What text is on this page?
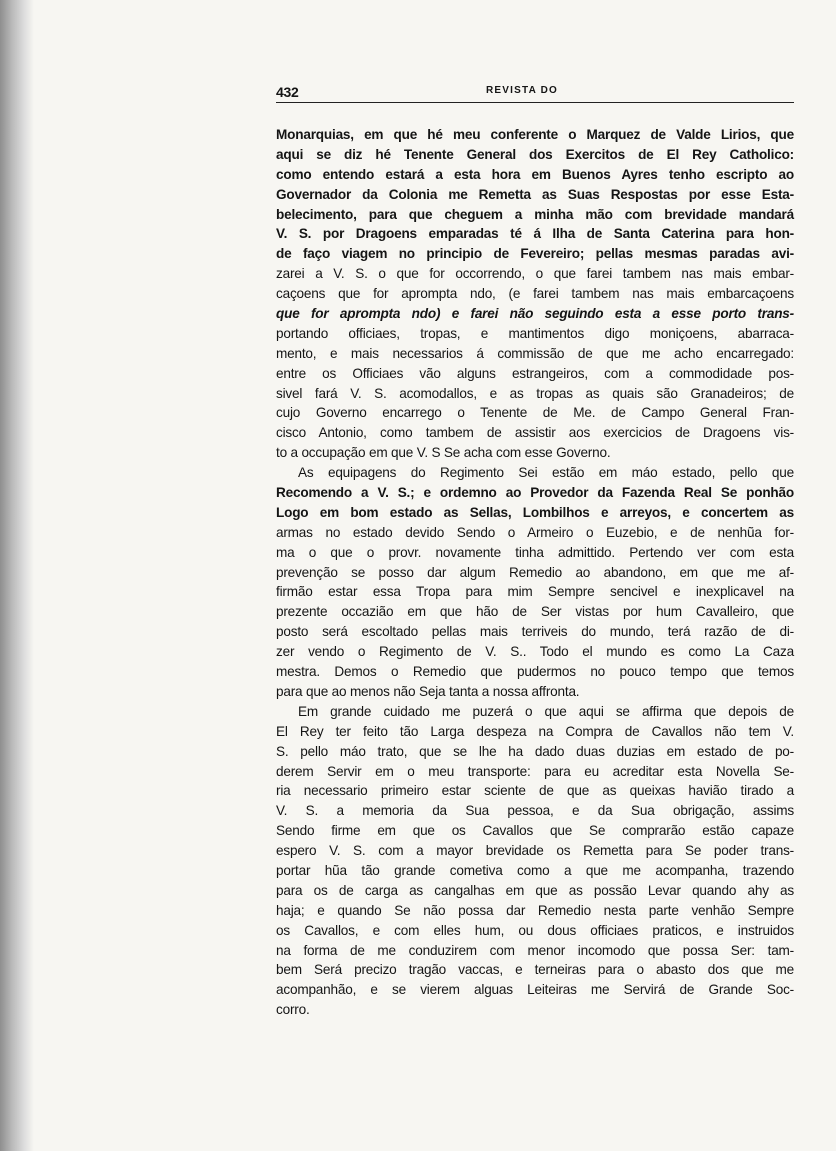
432	REVISTA DO

Monarquias, em que hé meu conferente o Marquez de Valde Lirios, que
aqui se diz hé Tenente General dos Exercitos de El Rey Catholico:
como entendo estará a esta hora em Buenos Ayres tenho escripto ao
Governador da Colonia me Remetta as Suas Respostas por esse Esta-
belecimento, para que cheguem a minha mão com brevidade mandará
V. S. por Dragoens emparadas té á Ilha de Santa Caterina para hon-
de faço viagem no principio de Fevereiro; pellas mesmas paradas avi-
zarei a V. S. o que for occorrendo, o que farei tambem nas mais embar-
caçoens que for aprompta ndo, (e farei tambem nas mais embarcaçoens
que for aprompta ndo) e farei não seguindo esta a esse porto trans-
portando officiaes, tropas, e mantimentos digo moniçoens, abarraca-
mento, e mais necessarios á commissão de que me acho encarregado:
entre os Officiaes vão alguns estrangeiros, com a commodidade pos-
sivel fará V. S. acomodallos, e as tropas as quais são Granadeiros; de
cujo Governo encarrego o Tenente de Me. de Campo General Fran-
cisco Antonio, como tambem de assistir aos exercicios de Dragoens vis-
to a occupação em que V. S Se acha com esse Governo.

As equipagens do Regimento Sei estão em máo estado, pello que
Recomendo a V. S.; e ordemno ao Provedor da Fazenda Real Se ponhão
Logo em bom estado as Sellas, Lombilhos e arreyos, e concertem as
armas no estado devido Sendo o Armeiro o Euzebio, e de nenhũa for-
ma o que o provr. novamente tinha admittido. Pertendo ver com esta
prevenção se posso dar algum Remedio ao abandono, em que me af-
firmão estar essa Tropa para mim Sempre sencivel e inexplicavel na
prezente occazião em que hão de Ser vistas por hum Cavalleiro, que
posto será escoltado pellas mais terriveis do mundo, terá razão de di-
zer vendo o Regimento de V. S.. Todo el mundo es como La Caza
mestra. Demos o Remedio que pudermos no pouco tempo que temos
para que ao menos não Seja tanta a nossa affronta.

Em grande cuidado me puzerá o que aqui se affirma que depois de
El Rey ter feito tão Larga despeza na Compra de Cavallos não tem V.
S. pello máo trato, que se lhe ha dado duas duzias em estado de po-
derem Servir em o meu transporte: para eu acreditar esta Novella Se-
ria necessario primeiro estar sciente de que as queixas havião tirado a
V. S. a memoria da Sua pessoa, e da Sua obrigação, assims
Sendo firme em que os Cavallos que Se comprarão estão capaze
espero V. S. com a mayor brevidade os Remetta para Se poder trans-
portar hũa tão grande cometiva como a que me acompanha, trazendo
para os de carga as cangalhas em que as possão Levar quando ahy as
haja; e quando Se não possa dar Remedio nesta parte venhão Sempre
os Cavallos, e com elles hum, ou dous officiaes praticos, e instruidos
na forma de me conduzirem com menor incomodo que possa Ser: tam-
bem Será precizo tragão vaccas, e terneiras para o abasto dos que me
acompanhão, e se vierem alguas Leiteiras me Servirá de Grande Soc-
corro.
